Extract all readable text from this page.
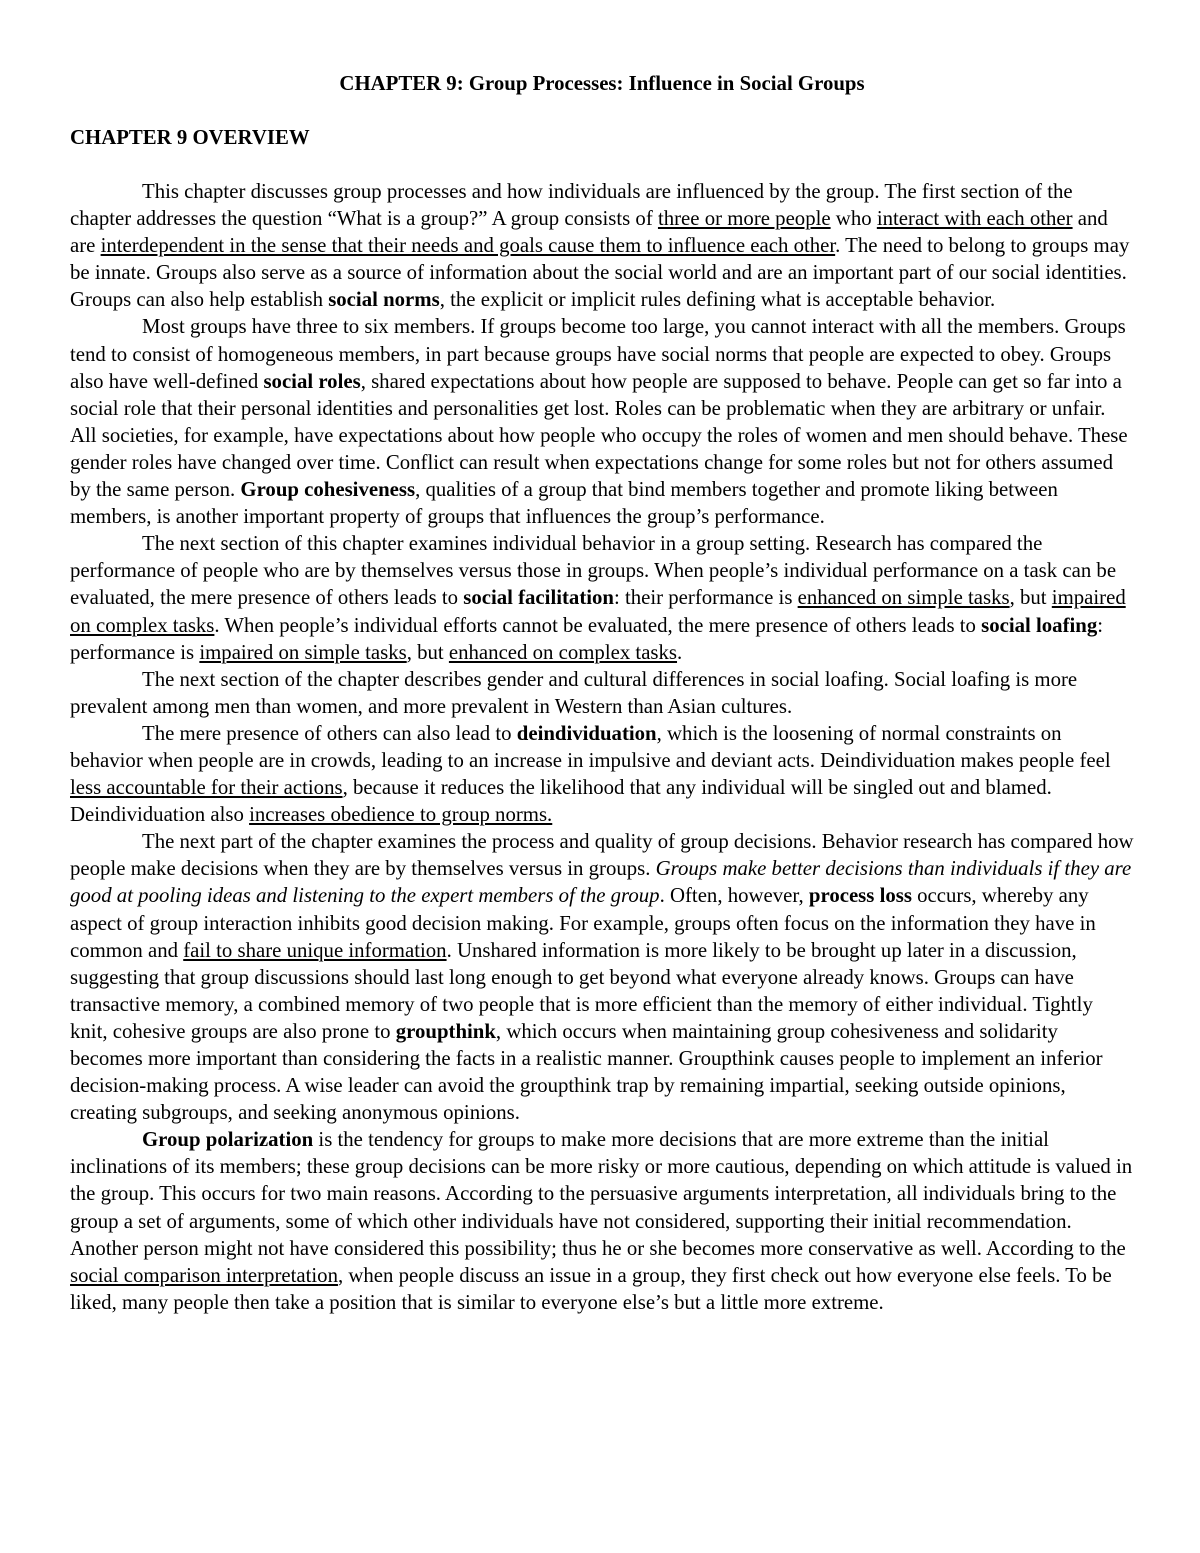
CHAPTER 9: Group Processes: Influence in Social Groups
CHAPTER 9 OVERVIEW

This chapter discusses group processes and how individuals are influenced by the group. The first section of the chapter addresses the question “What is a group?” A group consists of three or more people who interact with each other and are interdependent in the sense that their needs and goals cause them to influence each other. The need to belong to groups may be innate. Groups also serve as a source of information about the social world and are an important part of our social identities. Groups can also help establish social norms, the explicit or implicit rules defining what is acceptable behavior.

Most groups have three to six members. If groups become too large, you cannot interact with all the members. Groups tend to consist of homogeneous members, in part because groups have social norms that people are expected to obey. Groups also have well-defined social roles, shared expectations about how people are supposed to behave. People can get so far into a social role that their personal identities and personalities get lost. Roles can be problematic when they are arbitrary or unfair. All societies, for example, have expectations about how people who occupy the roles of women and men should behave. These gender roles have changed over time. Conflict can result when expectations change for some roles but not for others assumed by the same person. Group cohesiveness, qualities of a group that bind members together and promote liking between members, is another important property of groups that influences the group’s performance.

The next section of this chapter examines individual behavior in a group setting. Research has compared the performance of people who are by themselves versus those in groups. When people’s individual performance on a task can be evaluated, the mere presence of others leads to social facilitation: their performance is enhanced on simple tasks, but impaired on complex tasks. When people’s individual efforts cannot be evaluated, the mere presence of others leads to social loafing: performance is impaired on simple tasks, but enhanced on complex tasks.

The next section of the chapter describes gender and cultural differences in social loafing. Social loafing is more prevalent among men than women, and more prevalent in Western than Asian cultures.

The mere presence of others can also lead to deindividuation, which is the loosening of normal constraints on behavior when people are in crowds, leading to an increase in impulsive and deviant acts. Deindividuation makes people feel less accountable for their actions, because it reduces the likelihood that any individual will be singled out and blamed. Deindividuation also increases obedience to group norms.

The next part of the chapter examines the process and quality of group decisions. Behavior research has compared how people make decisions when they are by themselves versus in groups. Groups make better decisions than individuals if they are good at pooling ideas and listening to the expert members of the group. Often, however, process loss occurs, whereby any aspect of group interaction inhibits good decision making. For example, groups often focus on the information they have in common and fail to share unique information. Unshared information is more likely to be brought up later in a discussion, suggesting that group discussions should last long enough to get beyond what everyone already knows. Groups can have transactive memory, a combined memory of two people that is more efficient than the memory of either individual. Tightly knit, cohesive groups are also prone to groupthink, which occurs when maintaining group cohesiveness and solidarity becomes more important than considering the facts in a realistic manner. Groupthink causes people to implement an inferior decision-making process. A wise leader can avoid the groupthink trap by remaining impartial, seeking outside opinions, creating subgroups, and seeking anonymous opinions.

Group polarization is the tendency for groups to make more decisions that are more extreme than the initial inclinations of its members; these group decisions can be more risky or more cautious, depending on which attitude is valued in the group. This occurs for two main reasons. According to the persuasive arguments interpretation, all individuals bring to the group a set of arguments, some of which other individuals have not considered, supporting their initial recommendation. Another person might not have considered this possibility; thus he or she becomes more conservative as well. According to the social comparison interpretation, when people discuss an issue in a group, they first check out how everyone else feels. To be liked, many people then take a position that is similar to everyone else’s but a little more extreme.
